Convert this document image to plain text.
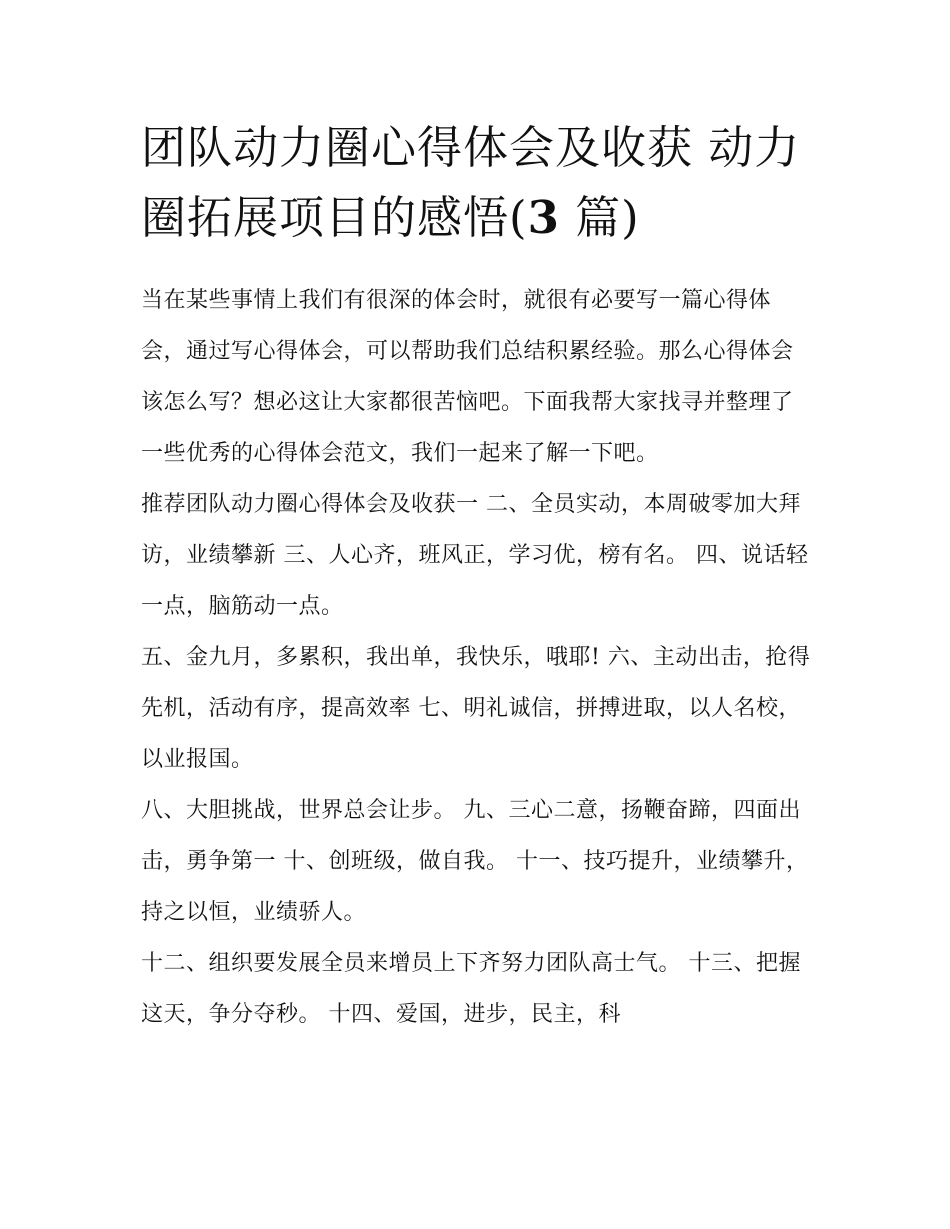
团队动力圈心得体会及收获 动力圈拓展项目的感悟(3 篇)

当在某些事情上我们有很深的体会时，就很有必要写一篇心得体会，通过写心得体会，可以帮助我们总结积累经验。那么心得体会该怎么写？想必这让大家都很苦恼吧。下面我帮大家找寻并整理了一些优秀的心得体会范文，我们一起来了解一下吧。

推荐团队动力圈心得体会及收获一 二、全员实动，本周破零加大拜访，业绩攀新 三、人心齐，班风正，学习优，榜有名。 四、说话轻一点，脑筋动一点。

五、金九月，多累积，我出单，我快乐，哦耶! 六、主动出击，抢得先机，活动有序，提高效率 七、明礼诚信，拼搏进取，以人名校，以业报国。

八、大胆挑战，世界总会让步。 九、三心二意，扬鞭奋蹄，四面出击，勇争第一 十、创班级，做自我。 十一、技巧提升，业绩攀升，持之以恒，业绩骄人。

十二、组织要发展全员来增员上下齐努力团队高士气。 十三、把握这天，争分夺秒。 十四、爱国，进步，民主，科
